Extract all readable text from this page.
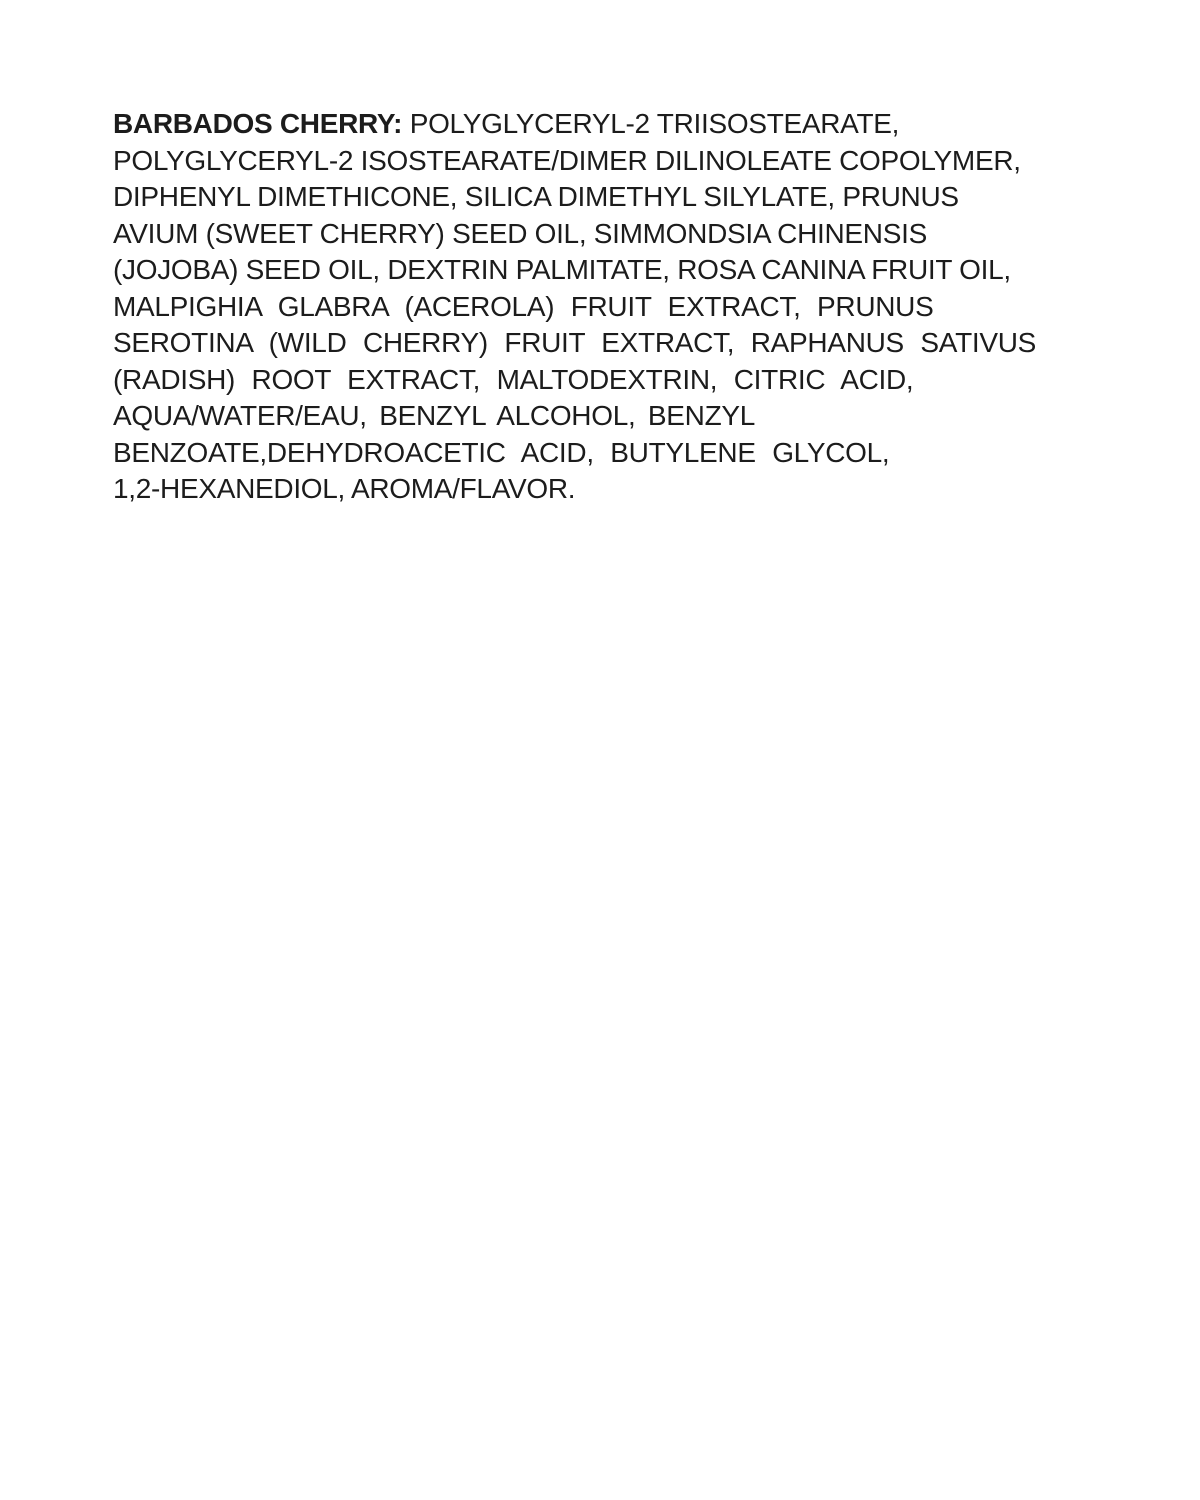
BARBADOS CHERRY: POLYGLYCERYL-2 TRIISOSTEARATE,

POLYGLYCERYL-2 ISOSTEARATE/DIMER DILINOLEATE COPOLYMER,

DIPHENYL DIMETHICONE, SILICA DIMETHYL SILYLATE, PRUNUS

AVIUM (SWEET CHERRY) SEED OIL, SIMMONDSIA CHINENSIS

(JOJOBA) SEED OIL, DEXTRIN PALMITATE, ROSA CANINA FRUIT OIL,

MALPIGHIA GLABRA (ACEROLA) FRUIT EXTRACT, PRUNUS

SEROTINA (WILD CHERRY) FRUIT EXTRACT, RAPHANUS SATIVUS

(RADISH) ROOT EXTRACT, MALTODEXTRIN, CITRIC ACID,

AQUA/WATER/EAU, BENZYL ALCOHOL, BENZYL

BENZOATE,DEHYDROACETIC ACID, BUTYLENE GLYCOL,

1,2-HEXANEDIOL, AROMA/FLAVOR.
